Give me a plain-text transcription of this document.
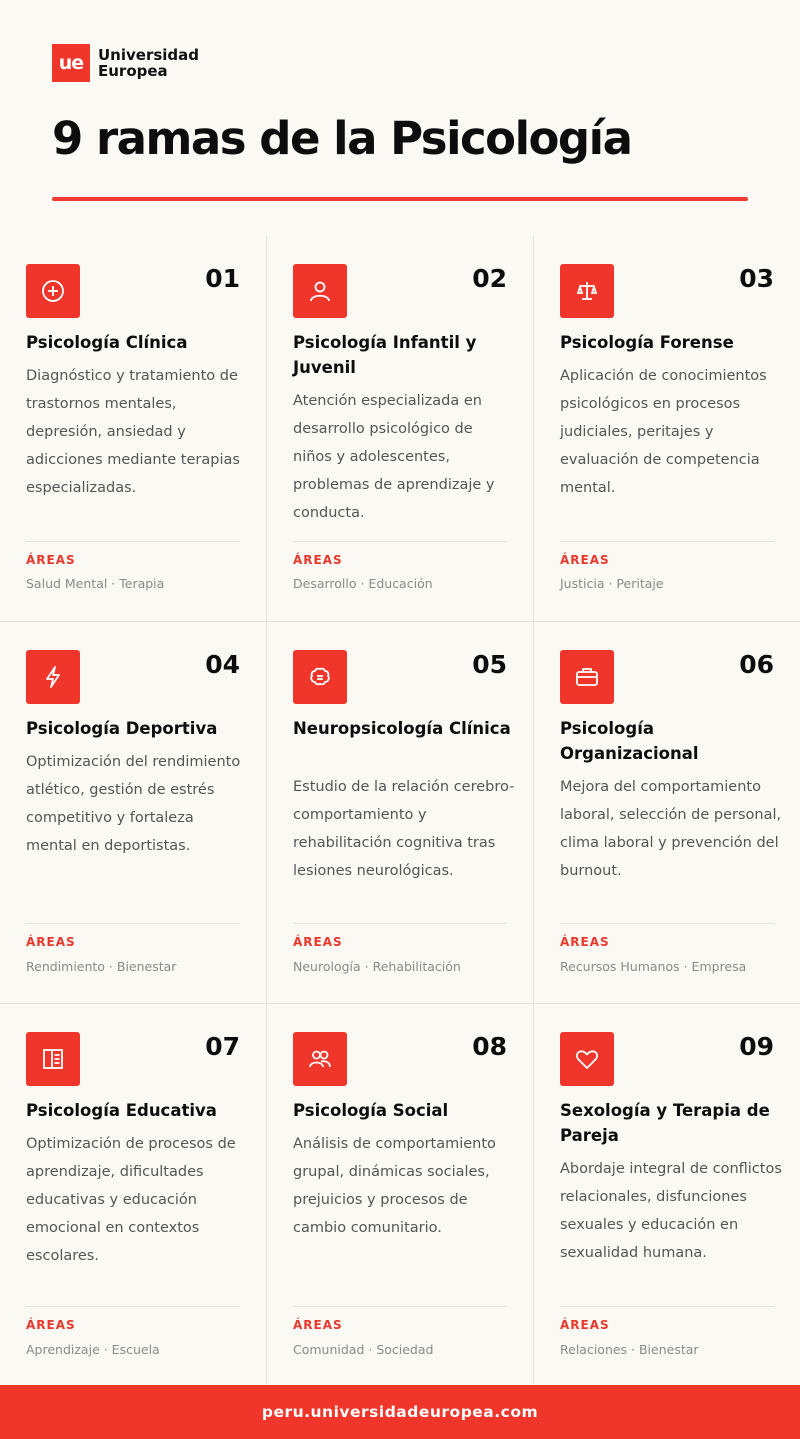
ue Universidad
Europea
9 ramas de la Psicología
01
Psicología Clínica
Diagnóstico y tratamiento de trastornos mentales, depresión, ansiedad y adicciones mediante terapias especializadas.
ÁREAS
Salud Mental · Terapia
02
Psicología Infantil y Juvenil
Atención especializada en desarrollo psicológico de niños y adolescentes, problemas de aprendizaje y conducta.
ÁREAS
Desarrollo · Educación
03
Psicología Forense
Aplicación de conocimientos psicológicos en procesos judiciales, peritajes y evaluación de competencia mental.
ÁREAS
Justicia · Peritaje
04
Psicología Deportiva
Optimización del rendimiento atlético, gestión de estrés competitivo y fortaleza mental en deportistas.
ÁREAS
Rendimiento · Bienestar
05
Neuropsicología Clínica
Estudio de la relación cerebro-comportamiento y rehabilitación cognitiva tras lesiones neurológicas.
ÁREAS
Neurología · Rehabilitación
06
Psicología Organizacional
Mejora del comportamiento laboral, selección de personal, clima laboral y prevención del burnout.
ÁREAS
Recursos Humanos · Empresa
07
Psicología Educativa
Optimización de procesos de aprendizaje, dificultades educativas y educación emocional en contextos escolares.
ÁREAS
Aprendizaje · Escuela
08
Psicología Social
Análisis de comportamiento grupal, dinámicas sociales, prejuicios y procesos de cambio comunitario.
ÁREAS
Comunidad · Sociedad
09
Sexología y Terapia de Pareja
Abordaje integral de conflictos relacionales, disfunciones sexuales y educación en sexualidad humana.
ÁREAS
Relaciones · Bienestar
peru.universidadeuropea.com
